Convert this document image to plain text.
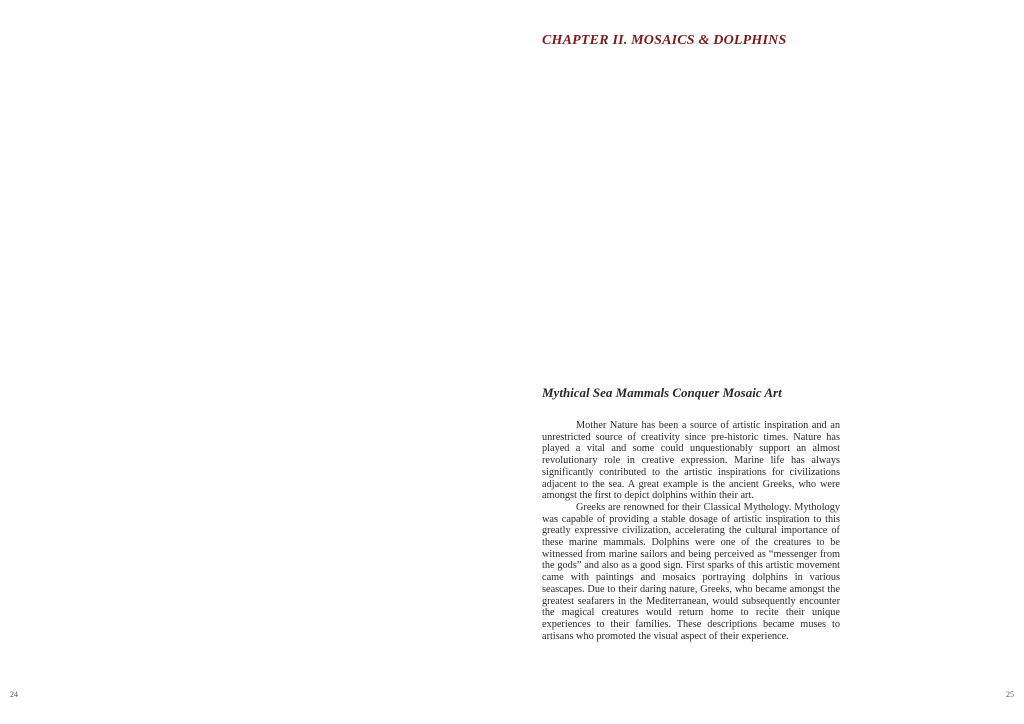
24
CHAPTER II. MOSAICS & DOLPHINS
Mythical Sea Mammals Conquer Mosaic Art

Mother Nature has been a source of artistic inspiration and an unrestricted source of creativity since pre-historic times. Nature has played a vital and some could unquestionably support an almost revolutionary role in creative expression. Marine life has always significantly contributed to the artistic inspirations for civilizations adjacent to the sea. A great example is the ancient Greeks, who were amongst the first to depict dolphins within their art.

Greeks are renowned for their Classical Mythology. Mythology was capable of providing a stable dosage of artistic inspiration to this greatly expressive civilization, accelerating the cultural importance of these marine mammals. Dolphins were one of the creatures to be witnessed from marine sailors and being perceived as “messenger from the gods” and also as a good sign. First sparks of this artistic movement came with paintings and mosaics portraying dolphins in various seascapes. Due to their daring nature, Greeks, who became amongst the greatest seafarers in the Mediterranean, would subsequently encounter the magical creatures would return home to recite their unique experiences to their families. These descriptions became muses to artisans who promoted the visual aspect of their experience.

25
